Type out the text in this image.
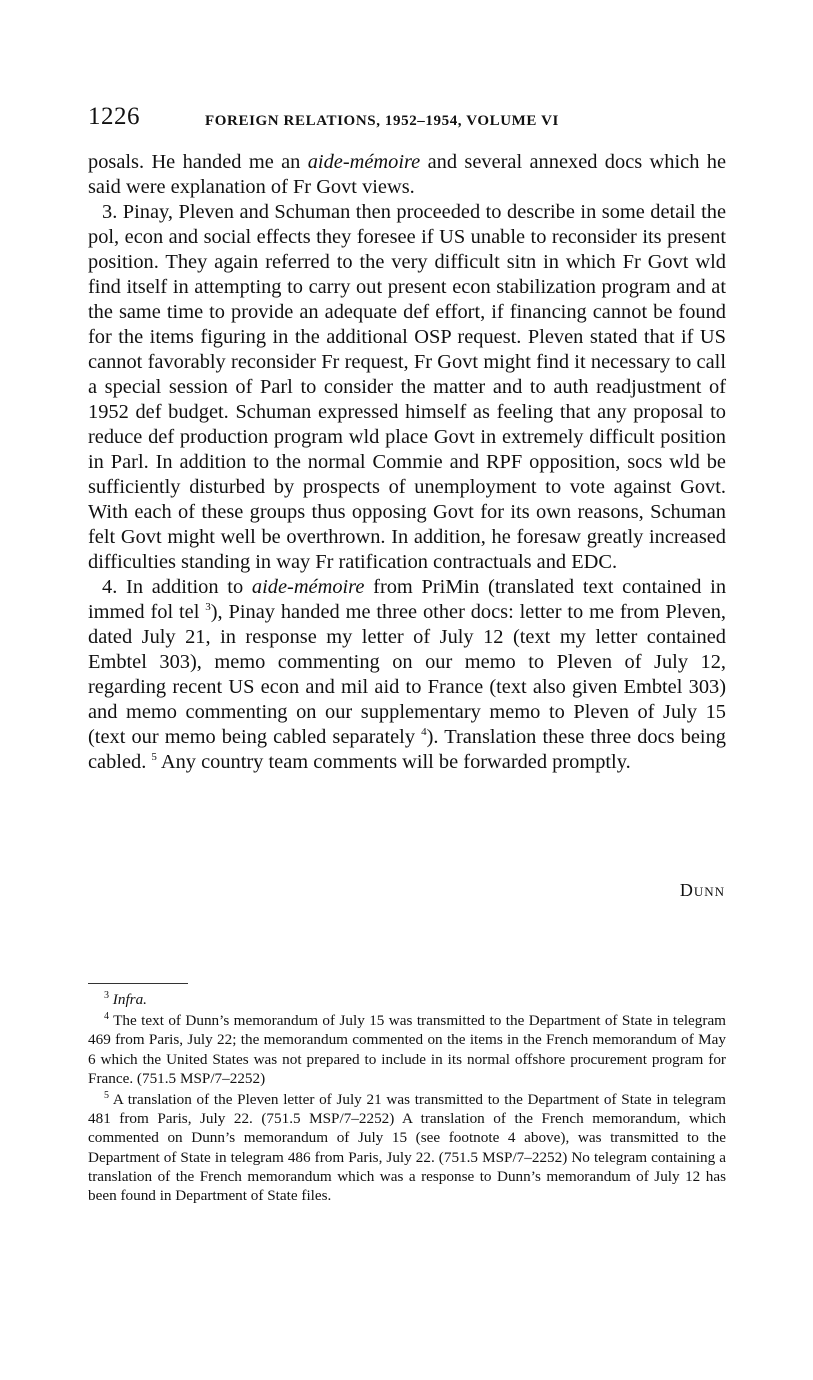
1226	FOREIGN RELATIONS, 1952–1954, VOLUME VI

posals. He handed me an aide-mémoire and several annexed docs which he said were explanation of Fr Govt views.

3. Pinay, Pleven and Schuman then proceeded to describe in some detail the pol, econ and social effects they foresee if US unable to reconsider its present position. They again referred to the very difficult sitn in which Fr Govt wld find itself in attempting to carry out present econ stabilization program and at the same time to provide an adequate def effort, if financing cannot be found for the items figuring in the additional OSP request. Pleven stated that if US cannot favorably reconsider Fr request, Fr Govt might find it necessary to call a special session of Parl to consider the matter and to auth readjustment of 1952 def budget. Schuman expressed himself as feeling that any proposal to reduce def production program wld place Govt in extremely difficult position in Parl. In addition to the normal Commie and RPF opposition, socs wld be sufficiently disturbed by prospects of unemployment to vote against Govt. With each of these groups thus opposing Govt for its own reasons, Schuman felt Govt might well be overthrown. In addition, he foresaw greatly increased difficulties standing in way Fr ratification contractuals and EDC.

4. In addition to aide-mémoire from PriMin (translated text contained in immed fol tel $^3$), Pinay handed me three other docs: letter to me from Pleven, dated July 21, in response my letter of July 12 (text my letter contained Embtel 303), memo commenting on our memo to Pleven of July 12, regarding recent US econ and mil aid to France (text also given Embtel 303) and memo commenting on our supplementary memo to Pleven of July 15 (text our memo being cabled separately $^4$). Translation these three docs being cabled. $^5$ Any country team comments will be forwarded promptly.

Dunn

$^3$ Infra.

$^4$ The text of Dunn’s memorandum of July 15 was transmitted to the Department of State in telegram 469 from Paris, July 22; the memorandum commented on the items in the French memorandum of May 6 which the United States was not prepared to include in its normal offshore procurement program for France. (751.5 MSP/7–2252)

$^5$ A translation of the Pleven letter of July 21 was transmitted to the Department of State in telegram 481 from Paris, July 22. (751.5 MSP/7–2252) A translation of the French memorandum, which commented on Dunn’s memorandum of July 15 (see footnote 4 above), was transmitted to the Department of State in telegram 486 from Paris, July 22. (751.5 MSP/7–2252) No telegram containing a translation of the French memorandum which was a response to Dunn’s memorandum of July 12 has been found in Department of State files.
